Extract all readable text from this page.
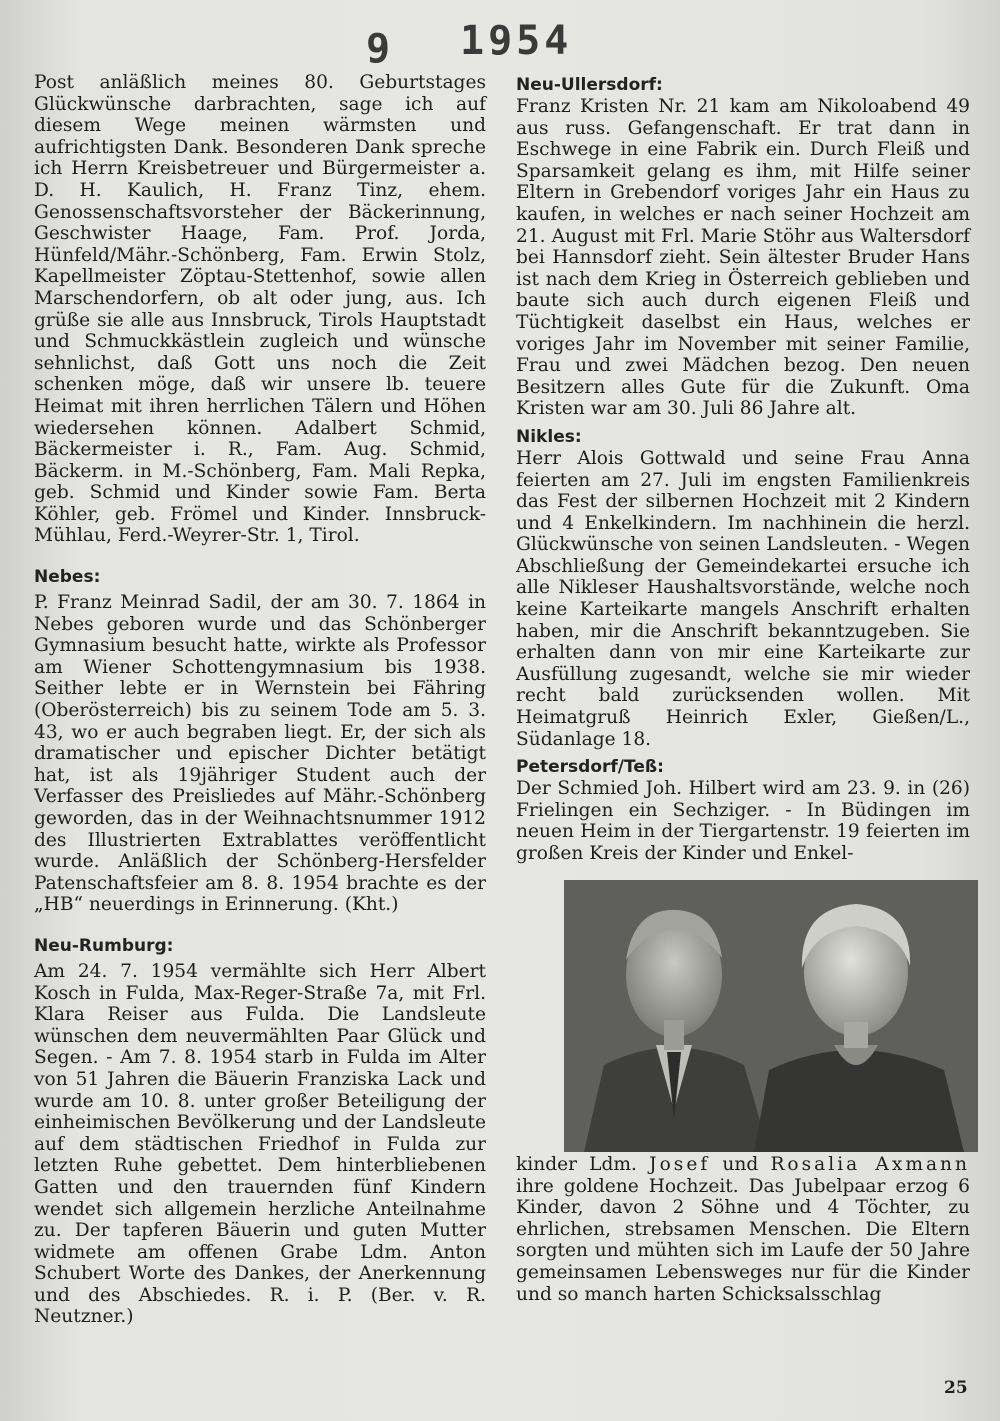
9 1954

Post anläßlich meines 80. Geburtstages Glückwünsche darbrachten, sage ich auf diesem Wege meinen wärmsten und aufrichtigsten Dank. Besonderen Dank spreche ich Herrn Kreisbetreuer und Bürgermeister a. D. H. Kaulich, H. Franz Tinz, ehem. Genossenschaftsvorsteher der Bäckerinnung, Geschwister Haage, Fam. Prof. Jorda, Hünfeld/Mähr.-Schönberg, Fam. Erwin Stolz, Kapellmeister Zöptau-Stettenhof, sowie allen Marschendorfern, ob alt oder jung, aus. Ich grüße sie alle aus Innsbruck, Tirols Hauptstadt und Schmuckkästlein zugleich und wünsche sehnlichst, daß Gott uns noch die Zeit schenken möge, daß wir unsere lb. teuere Heimat mit ihren herrlichen Tälern und Höhen wiedersehen können. Adalbert Schmid, Bäckermeister i. R., Fam. Aug. Schmid, Bäckerm. in M.-Schönberg, Fam. Mali Repka, geb. Schmid und Kinder sowie Fam. Berta Köhler, geb. Frömel und Kinder. Innsbruck-Mühlau, Ferd.-Weyrer-Str. 1, Tirol.

Nebes:

P. Franz Meinrad Sadil, der am 30. 7. 1864 in Nebes geboren wurde und das Schönberger Gymnasium besucht hatte, wirkte als Professor am Wiener Schottengymnasium bis 1938. Seither lebte er in Wernstein bei Fähring (Oberösterreich) bis zu seinem Tode am 5. 3. 43, wo er auch begraben liegt. Er, der sich als dramatischer und epischer Dichter betätigt hat, ist als 19jähriger Student auch der Verfasser des Preisliedes auf Mähr.-Schönberg geworden, das in der Weihnachtsnummer 1912 des Illustrierten Extrablattes veröffentlicht wurde. Anläßlich der Schönberg-Hersfelder Patenschaftsfeier am 8. 8. 1954 brachte es der „HB“ neuerdings in Erinnerung. (Kht.)

Neu-Rumburg:

Am 24. 7. 1954 vermählte sich Herr Albert Kosch in Fulda, Max-Reger-Straße 7a, mit Frl. Klara Reiser aus Fulda. Die Landsleute wünschen dem neuvermählten Paar Glück und Segen. - Am 7. 8. 1954 starb in Fulda im Alter von 51 Jahren die Bäuerin Franziska Lack und wurde am 10. 8. unter großer Beteiligung der einheimischen Bevölkerung und der Landsleute auf dem städtischen Friedhof in Fulda zur letzten Ruhe gebettet. Dem hinterbliebenen Gatten und den trauernden fünf Kindern wendet sich allgemein herzliche Anteilnahme zu. Der tapferen Bäuerin und guten Mutter widmete am offenen Grabe Ldm. Anton Schubert Worte des Dankes, der Anerkennung und des Abschiedes. R. i. P. (Ber. v. R. Neutzner.)

Neu-Ullersdorf:

Franz Kristen Nr. 21 kam am Nikoloabend 49 aus russ. Gefangenschaft. Er trat dann in Eschwege in eine Fabrik ein. Durch Fleiß und Sparsamkeit gelang es ihm, mit Hilfe seiner Eltern in Grebendorf voriges Jahr ein Haus zu kaufen, in welches er nach seiner Hochzeit am 21. August mit Frl. Marie Stöhr aus Waltersdorf bei Hannsdorf zieht. Sein ältester Bruder Hans ist nach dem Krieg in Österreich geblieben und baute sich auch durch eigenen Fleiß und Tüchtigkeit daselbst ein Haus, welches er voriges Jahr im November mit seiner Familie, Frau und zwei Mädchen bezog. Den neuen Besitzern alles Gute für die Zukunft. Oma Kristen war am 30. Juli 86 Jahre alt.

Nikles:

Herr Alois Gottwald und seine Frau Anna feierten am 27. Juli im engsten Familienkreis das Fest der silbernen Hochzeit mit 2 Kindern und 4 Enkelkindern. Im nachhinein die herzl. Glückwünsche von seinen Landsleuten. - Wegen Abschließung der Gemeindekartei ersuche ich alle Nikleser Haushaltsvorstände, welche noch keine Karteikarte mangels Anschrift erhalten haben, mir die Anschrift bekanntzugeben. Sie erhalten dann von mir eine Karteikarte zur Ausfüllung zugesandt, welche sie mir wieder recht bald zurücksenden wollen. Mit Heimatgruß Heinrich Exler, Gießen/L., Südanlage 18.

Petersdorf/Teß:

Der Schmied Joh. Hilbert wird am 23. 9. in (26) Frielingen ein Sechziger. - In Büdingen im neuen Heim in der Tiergartenstr. 19 feierten im großen Kreis der Kinder und Enkel-

kinder Ldm. Josef und Rosalia Axmann ihre goldene Hochzeit. Das Jubelpaar erzog 6 Kinder, davon 2 Söhne und 4 Töchter, zu ehrlichen, strebsamen Menschen. Die Eltern sorgten und mühten sich im Laufe der 50 Jahre gemeinsamen Lebensweges nur für die Kinder und so manch harten Schicksalsschlag
25
